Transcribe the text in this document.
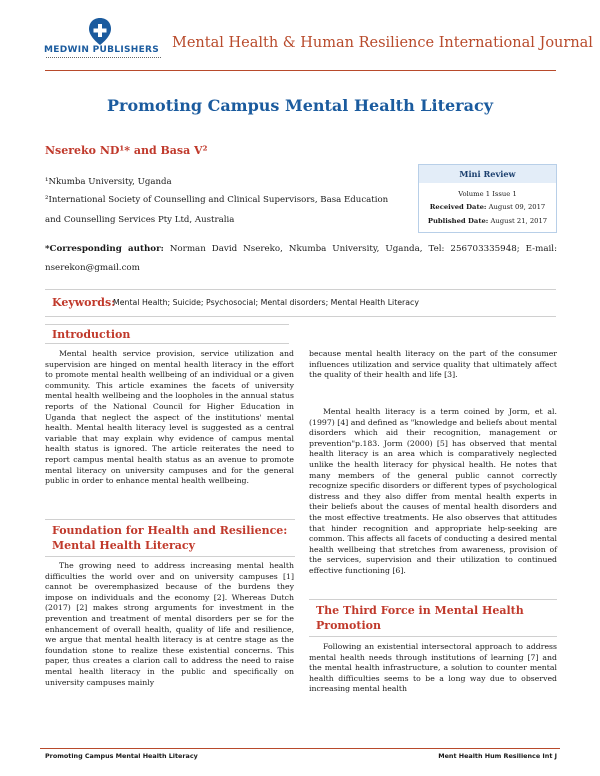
MEDWIN PUBLISHERS Mental Health & Human Resilience International Journal
Promoting Campus Mental Health Literacy
Nsereko ND¹* and Basa V²
¹Nkumba University, Uganda
²International Society of Counselling and Clinical Supervisors, Basa Education and Counselling Services Pty Ltd, Australia
Mini Review
Volume 1 Issue 1
Received Date: August 09, 2017
Published Date: August 21, 2017
*Corresponding author: Norman David Nsereko, Nkumba University, Uganda, Tel: 256703335948; E-mail: nserekon@gmail.com
Keywords:
Mental Health; Suicide; Psychosocial; Mental disorders; Mental Health Literacy
Introduction
Mental health service provision, service utilization and supervision are hinged on mental health literacy in the effort to promote mental health wellbeing of an individual or a given community. This article examines the facets of university mental health wellbeing and the loopholes in the annual status reports of the National Council for Higher Education in Uganda that neglect the aspect of the institutions' mental health. Mental health literacy level is suggested as a central variable that may explain why evidence of campus mental health status is ignored. The article reiterates the need to report campus mental health status as an avenue to promote mental literacy on university campuses and for the general public in order to enhance mental health wellbeing.
Foundation for Health and Resilience: Mental Health Literacy
The growing need to address increasing mental health difficulties the world over and on university campuses [1] cannot be overemphasized because of the burdens they impose on individuals and the economy [2]. Whereas Dutch (2017) [2] makes strong arguments for investment in the prevention and treatment of mental disorders per se for the enhancement of overall health, quality of life and resilience, we argue that mental health literacy is at centre stage as the foundation stone to realize these existential concerns. This paper, thus creates a clarion call to address the need to raise mental health literacy in the public and specifically on university campuses mainly
because mental health literacy on the part of the consumer influences utilization and service quality that ultimately affect the quality of their health and life [3].
Mental health literacy is a term coined by Jorm, et al. (1997) [4] and defined as "knowledge and beliefs about mental disorders which aid their recognition, management or prevention"p.183. Jorm (2000) [5] has observed that mental health literacy is an area which is comparatively neglected unlike the health literacy for physical health. He notes that many members of the general public cannot correctly recognize specific disorders or different types of psychological distress and they also differ from mental health experts in their beliefs about the causes of mental health disorders and the most effective treatments. He also observes that attitudes that hinder recognition and appropriate help-seeking are common. This affects all facets of conducting a desired mental health wellbeing that stretches from awareness, provision of the services, supervision and their utilization to continued effective functioning [6].
The Third Force in Mental Health Promotion
Following an existential intersectoral approach to address mental health needs through institutions of learning [7] and the mental health infrastructure, a solution to counter mental health difficulties seems to be a long way due to observed increasing mental health
Promoting Campus Mental Health Literacy	Ment Health Hum Resilience Int J
